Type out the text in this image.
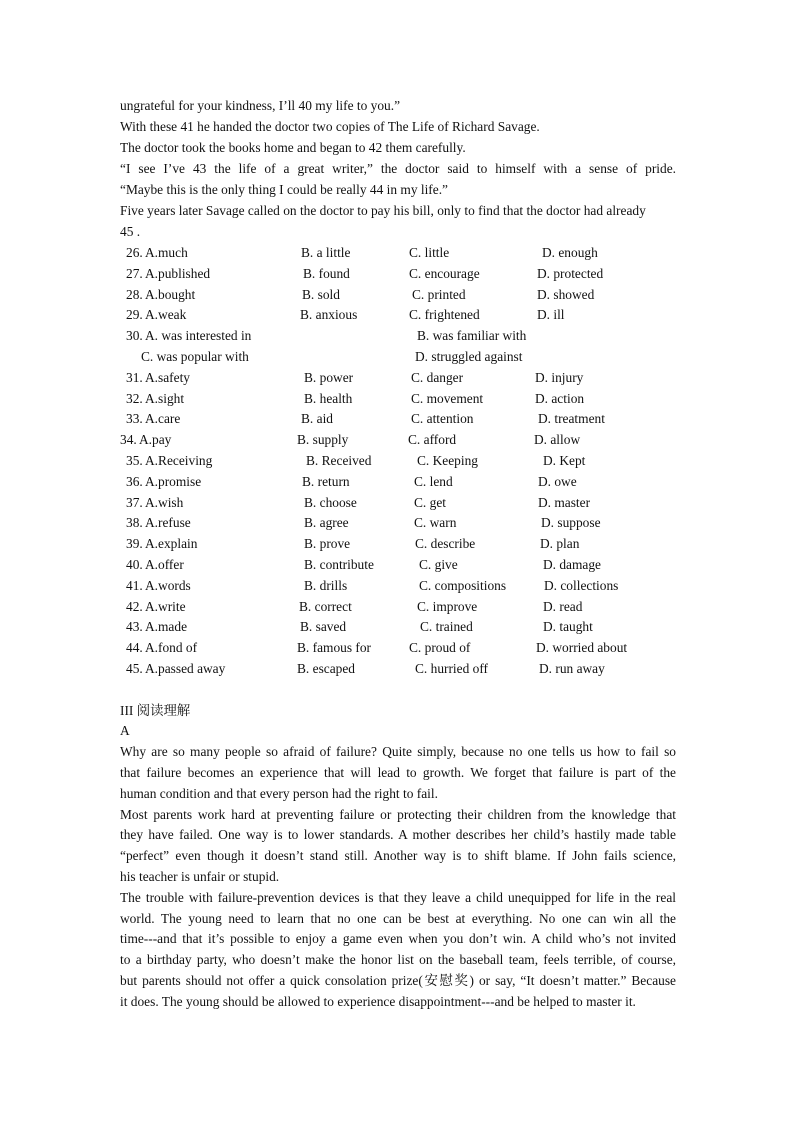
ungrateful for your kindness, I’ll 40 my life to you.”
With these 41 he handed the doctor two copies of The Life of Richard Savage.
The doctor took the books home and began to 42 them carefully.
“I see I’ve 43 the life of a great writer,” the doctor said to himself with a sense of pride.
“Maybe this is the only thing I could be really 44 in my life.”
Five years later Savage called on the doctor to pay his bill, only to find that the doctor had already
45 .
26. A.much	B. a little	C. little	D. enough
27. A.published	B. found	C. encourage	D. protected
28. A.bought	B. sold	C. printed	D. showed
29. A.weak	B. anxious	C. frightened	D. ill
30. A. was interested in	B. was familiar with
C. was popular with	D. struggled against
31. A.safety	B. power	C. danger	D. injury
32. A.sight	B. health	C. movement	D. action
33. A.care	B. aid	C. attention	D. treatment
34. A.pay	B. supply	C. afford	D. allow
35. A.Receiving	B. Received	C. Keeping	D. Kept
36. A.promise	B. return	C. lend	D. owe
37. A.wish	B. choose	C. get	D. master
38. A.refuse	B. agree	C. warn	D. suppose
39. A.explain	B. prove	C. describe	D. plan
40. A.offer	B. contribute	C. give	D. damage
41. A.words	B. drills	C. compositions	D. collections
42. A.write	B. correct	C. improve	D. read
43. A.made	B. saved	C. trained	D. taught
44. A.fond of	B. famous for	C. proud of	D. worried about
45. A.passed away	B. escaped	C. hurried off	D. run away
III 阅读理解
A
Why are so many people so afraid of failure? Quite simply, because no one tells us how to fail so
that failure becomes an experience that will lead to growth. We forget that failure is part of the
human condition and that every person had the right to fail.
Most parents work hard at preventing failure or protecting their children from the knowledge that
they have failed. One way is to lower standards. A mother describes her child’s hastily made table
“perfect” even though it doesn’t stand still. Another way is to shift blame. If John fails science,
his teacher is unfair or stupid.
The trouble with failure-prevention devices is that they leave a child unequipped for life in the real
world. The young need to learn that no one can be best at everything. No one can win all the
time---and that it’s possible to enjoy a game even when you don’t win. A child who’s not invited
to a birthday party, who doesn’t make the honor list on the baseball team, feels terrible, of course,
but parents should not offer a quick consolation prize(安慰奖) or say, “It doesn’t matter.” Because
it does. The young should be allowed to experience disappointment---and be helped to master it.
